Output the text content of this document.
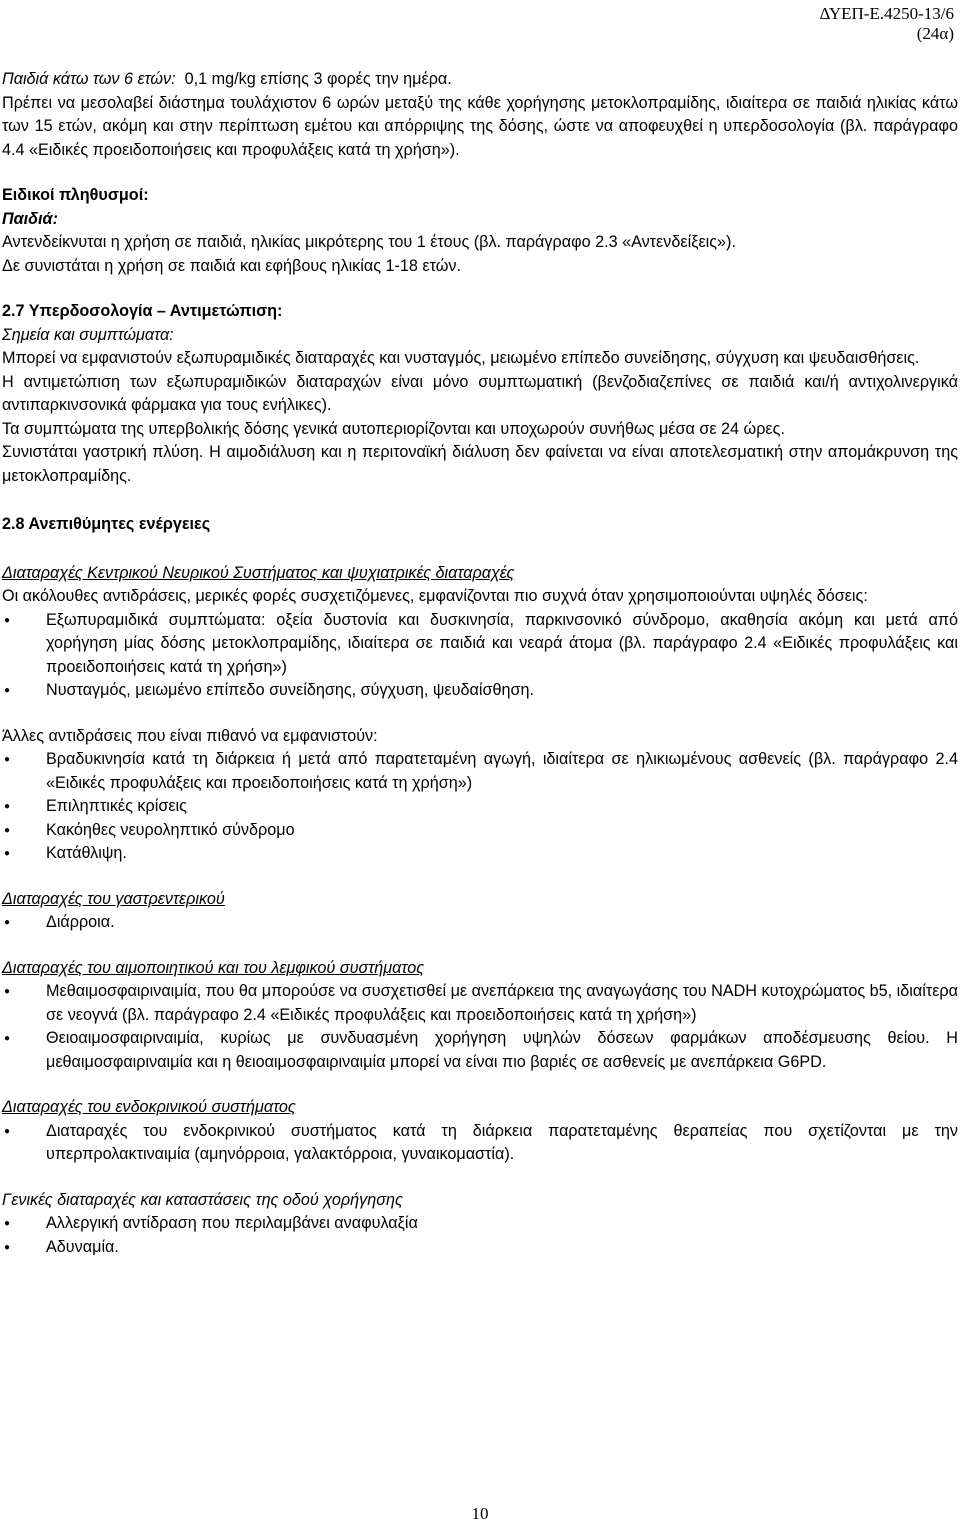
ΔΥΕΠ-Ε.4250-13/6
(24α)

Παιδιά κάτω των 6 ετών: 0,1 mg/kg επίσης 3 φορές την ημέρα.

Πρέπει να μεσολαβεί διάστημα τουλάχιστον 6 ωρών μεταξύ της κάθε χορήγησης μετοκλοπραμίδης, ιδιαίτερα σε παιδιά ηλικίας κάτω των 15 ετών, ακόμη και στην περίπτωση εμέτου και απόρριψης της δόσης, ώστε να αποφευχθεί η υπερδοσολογία (βλ. παράγραφο 4.4 «Ειδικές προειδοποιήσεις και προφυλάξεις κατά τη χρήση»).

Ειδικοί πληθυσμοί:

Παιδιά:

Αντενδείκνυται η χρήση σε παιδιά, ηλικίας μικρότερης του 1 έτους (βλ. παράγραφο 2.3 «Αντενδείξεις»).

Δε συνιστάται η χρήση σε παιδιά και εφήβους ηλικίας 1-18 ετών.

2.7 Υπερδοσολογία – Αντιμετώπιση:

Σημεία και συμπτώματα:

Μπορεί να εμφανιστούν εξωπυραμιδικές διαταραχές και νυσταγμός, μειωμένο επίπεδο συνείδησης, σύγχυση και ψευδαισθήσεις.

Η αντιμετώπιση των εξωπυραμιδικών διαταραχών είναι μόνο συμπτωματική (βενζοδιαζεπίνες σε παιδιά και/ή αντιχολινεργικά αντιπαρκινσονικά φάρμακα για τους ενήλικες).

Τα συμπτώματα της υπερβολικής δόσης γενικά αυτοπεριορίζονται και υποχωρούν συνήθως μέσα σε 24 ώρες.

Συνιστάται γαστρική πλύση. Η αιμοδιάλυση και η περιτοναϊκή διάλυση δεν φαίνεται να είναι αποτελεσματική στην απομάκρυνση της μετοκλοπραμίδης.

2.8 Ανεπιθύμητες ενέργειες

Διαταραχές Κεντρικού Νευρικού Συστήματος και ψυχιατρικές διαταραχές

Οι ακόλουθες αντιδράσεις, μερικές φορές συσχετιζόμενες, εμφανίζονται πιο συχνά όταν χρησιμοποιούνται υψηλές δόσεις:

● Εξωπυραμιδικά συμπτώματα: οξεία δυστονία και δυσκινησία, παρκινσονικό σύνδρομο, ακαθησία ακόμη και μετά από χορήγηση μίας δόσης μετοκλοπραμίδης, ιδιαίτερα σε παιδιά και νεαρά άτομα (βλ. παράγραφο 2.4 «Ειδικές προφυλάξεις και προειδοποιήσεις κατά τη χρήση»)
● Νυσταγμός, μειωμένο επίπεδο συνείδησης, σύγχυση, ψευδαίσθηση.

Άλλες αντιδράσεις που είναι πιθανό να εμφανιστούν:

● Βραδυκινησία κατά τη διάρκεια ή μετά από παρατεταμένη αγωγή, ιδιαίτερα σε ηλικιωμένους ασθενείς (βλ. παράγραφο 2.4 «Ειδικές προφυλάξεις και προειδοποιήσεις κατά τη χρήση»)
● Επιληπτικές κρίσεις
● Κακόηθες νευροληπτικό σύνδρομο
● Κατάθλιψη.

Διαταραχές του γαστρεντερικού

● Διάρροια.

Διαταραχές του αιμοποιητικού και του λεμφικού συστήματος

● Μεθαιμοσφαιριναιμία, που θα μπορούσε να συσχετισθεί με ανεπάρκεια της αναγωγάσης του NADH κυτοχρώματος b5, ιδιαίτερα σε νεογνά (βλ. παράγραφο 2.4 «Ειδικές προφυλάξεις και προειδοποιήσεις κατά τη χρήση»)
● Θειοαιμοσφαιριναιμία, κυρίως με συνδυασμένη χορήγηση υψηλών δόσεων φαρμάκων αποδέσμευσης θείου. Η μεθαιμοσφαιριναιμία και η θειοαιμοσφαιριναιμία μπορεί να είναι πιο βαριές σε ασθενείς με ανεπάρκεια G6PD.

Διαταραχές του ενδοκρινικού συστήματος

● Διαταραχές του ενδοκρινικού συστήματος κατά τη διάρκεια παρατεταμένης θεραπείας που σχετίζονται με την υπερπρολακτιναιμία (αμηνόρροια, γαλακτόρροια, γυναικομαστία).

Γενικές διαταραχές και καταστάσεις της οδού χορήγησης

● Αλλεργική αντίδραση που περιλαμβάνει αναφυλαξία
● Αδυναμία.
10
